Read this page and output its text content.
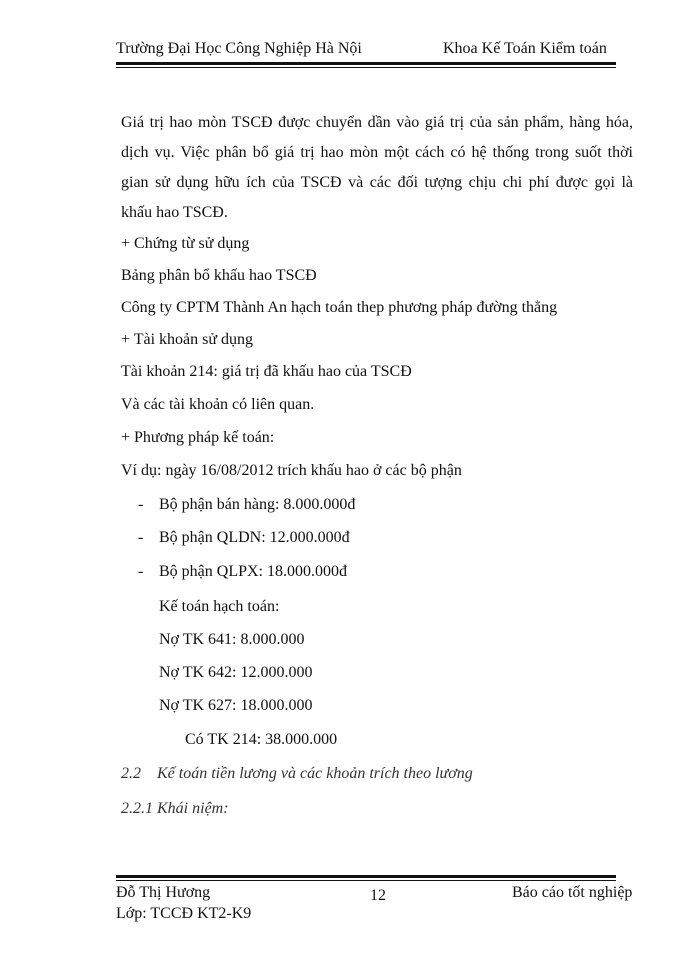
Trường Đại Học Công Nghiệp Hà Nội	Khoa Kế Toán Kiểm toán
Giá trị hao mòn TSCĐ được chuyển dần vào giá trị của sản phẩm, hàng hóa,
dịch vụ. Việc phân bổ giá trị hao mòn một cách có hệ thống trong suốt thời
gian sử dụng hữu ích của TSCĐ và các đối tượng chịu chi phí được gọi là
khấu hao TSCĐ.
+ Chứng từ sử dụng
Bảng phân bổ khấu hao TSCĐ
Công ty CPTM Thành An hạch toán thep phương pháp đường thẳng
+ Tài khoản sử dụng
Tài khoản 214: giá trị đã khấu hao của TSCĐ
Và các tài khoản có liên quan.
+ Phương pháp kế toán:
Ví dụ: ngày 16/08/2012 trích khấu hao ở các bộ phận
- Bộ phận bán hàng: 8.000.000đ
- Bộ phận QLDN: 12.000.000đ
- Bộ phận QLPX: 18.000.000đ
Kế toán hạch toán:
Nợ TK 641: 8.000.000
Nợ TK 642: 12.000.000
Nợ TK 627: 18.000.000
Có TK 214: 38.000.000
2.2 Kế toán tiền lương và các khoản trích theo lương
2.2.1 Khái niệm:
Đỗ Thị Hương
Lớp: TCCĐ KT2-K9
12	Báo cáo tốt nghiệp
